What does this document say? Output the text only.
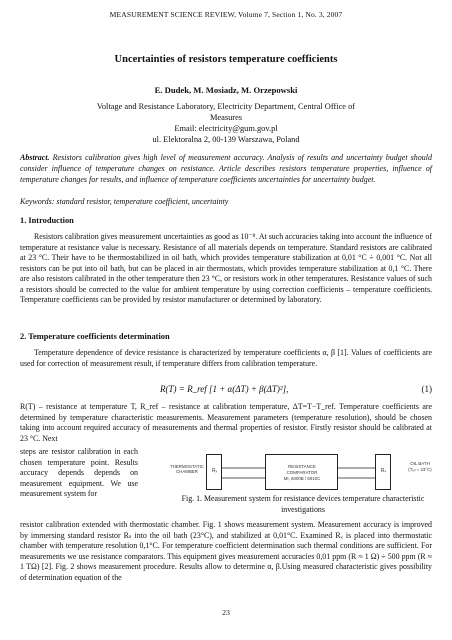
MEASUREMENT SCIENCE REVIEW, Volume 7, Section 1, No. 3, 2007
Uncertainties of resistors temperature coefficients
E. Dudek, M. Mosiadz, M. Orzepowski
Voltage and Resistance Laboratory, Electricity Department, Central Office of
Measures
Email: electricity@gum.gov.pl
ul. Elektoralna 2, 00-139 Warszawa, Poland
Abstract. Resistors calibration gives high level of measurement accuracy. Analysis of results and uncertainty budget should consider influence of temperature changes on resistance. Article describes resistors temperature properties, influence of temperature changes for results, and influence of temperature coefficients uncertainties for uncertainty budget.
Keywords: standard resistor, temperature coefficient, uncertainty
1. Introduction

Resistors calibration gives measurement uncertainties as good as 10⁻⁸. At such accuracies taking into account the influence of temperature at resistance value is necessary. Resistance of all materials depends on temperature. Standard resistors are calibrated at 23 °C. Their have to be thermostabilized in oil bath, which provides temperature stabilization at 0,01 °C ÷ 0,001 °C. Not all resistors can be put into oil bath, but can be placed in air thermostats, which provides temperature stabilization at 0,1 °C. There are also resistors calibrated in the other temperature then 23 °C, or resistors work in other temperatures. Resistance values of such a resistors should be corrected to the value for ambient temperature by using correction coefficients – temperature coefficients. Temperature coefficients can be provided by resistor manufacturer or determined by laboratory.

2. Temperature coefficients determination

Temperature dependence of device resistance is characterized by temperature coefficients α, β [1]. Values of coefficients are used for correction of measurement result, if temperature differs from calibration temperature.

R(T) = R_ref [1 + α(ΔT) + β(ΔT)²],	(1)

R(T) – resistance at temperature T, R_ref – resistance at calibration temperature, ΔT=T−T_ref. Temperature coefficients are determined by temperature characteristic measurements. Measurement parameters (temperature resolution), should be chosen taking into account required accuracy of measurements and thermal properties of resistor. Firstly resistor should be calibrated at 23 °C. Next

steps are resistor calibration in each chosen temperature point. Results accuracy depends depends on measurement equipment. We use measurement system for
THERMOSTATIC CHAMBER	Rₓ
RESISTANCE
COMPARATOR
MI, 6000B / 6010C
Rₛ
OIL BATH
(Tₒᵢₗ = 23°C)
Fig. 1. Measurement system for resistance devices temperature characteristic investigations

resistor calibration extended with thermostatic chamber. Fig. 1 shows measurement system. Measurement accuracy is improved by immersing standard resistor Rₛ into the oil bath (23°C), and stabilized at 0,01°C. Examined Rₓ is placed into thermostatic chamber with temperature resolution 0,1°C. For temperature coefficient determination such thermal conditions are sufficient. For measurements we use resistance comparators. This equipment gives measurement accuracies 0,01 ppm (R ≈ 1 Ω) ÷ 500 ppm (R ≈ 1 TΩ) [2]. Fig. 2 shows measurement procedure. Results allow to determine α, β.Using measured characteristic gives possibility of determination equation of the

23
